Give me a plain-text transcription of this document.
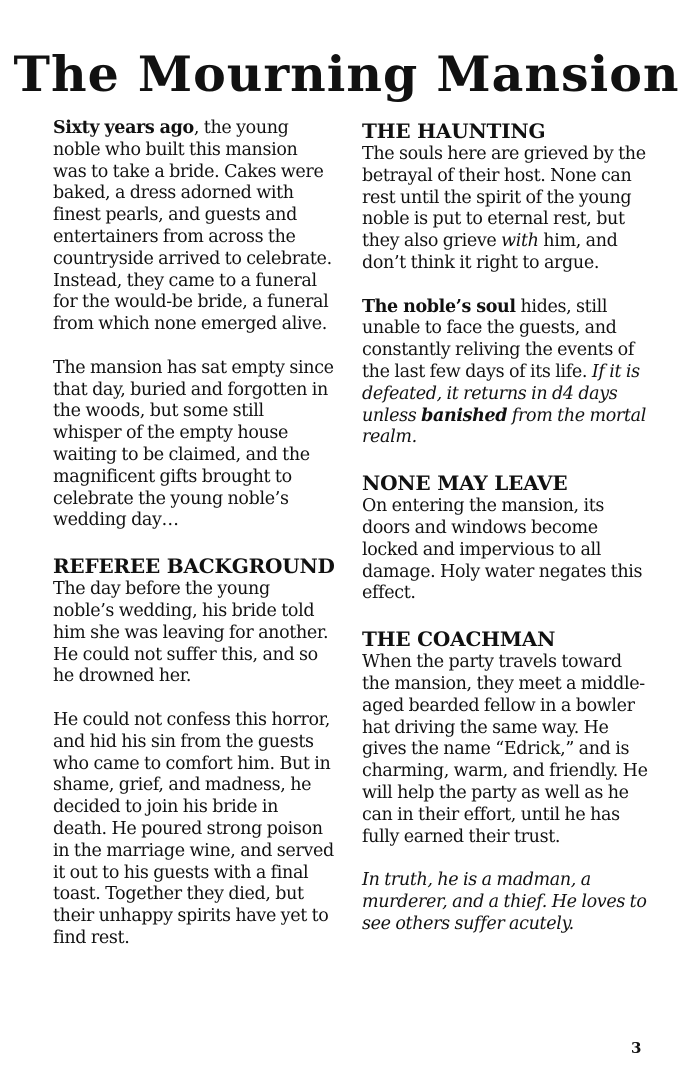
The Mourning Mansion

Sixty years ago, the young noble who built this mansion was to take a bride. Cakes were baked, a dress adorned with finest pearls, and guests and entertainers from across the countryside arrived to celebrate. Instead, they came to a funeral for the would-be bride, a funeral from which none emerged alive.

The mansion has sat empty since that day, buried and forgotten in the woods, but some still whisper of the empty house waiting to be claimed, and the magnificent gifts brought to celebrate the young noble’s wedding day…

REFEREE BACKGROUND

The day before the young noble’s wedding, his bride told him she was leaving for another. He could not suffer this, and so he drowned her.

He could not confess this horror, and hid his sin from the guests who came to comfort him. But in shame, grief, and madness, he decided to join his bride in death. He poured strong poison in the marriage wine, and served it out to his guests with a final toast. Together they died, but their unhappy spirits have yet to find rest.

THE HAUNTING

The souls here are grieved by the betrayal of their host. None can rest until the spirit of the young noble is put to eternal rest, but they also grieve with him, and don’t think it right to argue.

The noble’s soul hides, still unable to face the guests, and constantly reliving the events of the last few days of its life. If it is defeated, it returns in d4 days unless banished from the mortal realm.

NONE MAY LEAVE

On entering the mansion, its doors and windows become locked and impervious to all damage. Holy water negates this effect.

THE COACHMAN

When the party travels toward the mansion, they meet a middle-aged bearded fellow in a bowler hat driving the same way. He gives the name “Edrick,” and is charming, warm, and friendly. He will help the party as well as he can in their effort, until he has fully earned their trust.

In truth, he is a madman, a murderer, and a thief. He loves to see others suffer acutely.

3
